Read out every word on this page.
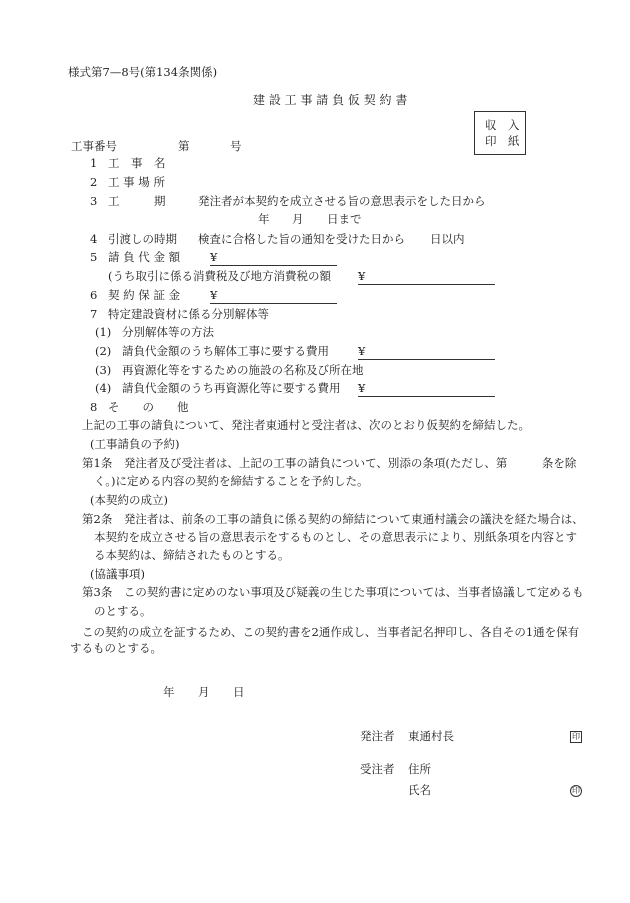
様式第7—8号(第134条関係)
建 設 工 事 請 負 仮 契 約 書
収　入
印　紙
工事番号	第	号
1 工　事　名
2 工 事 場 所
3 工　　　期	発注者が本契約を成立させる旨の意思表示をした日から
年 月 日まで
4 引渡しの時期 検査に合格した旨の通知を受けた日から 日以内
5 請 負 代 金 額	¥
(うち取引に係る消費税及び地方消費税の額 ¥
6 契 約 保 証 金	¥
7 特定建設資材に係る分別解体等
(1) 分別解体等の方法
(2) 請負代金額のうち解体工事に要する費用	¥
(3) 再資源化等をするための施設の名称及び所在地
(4) 請負代金額のうち再資源化等に要する費用 ¥
8 そ　　の　　他
上記の工事の請負について、発注者東通村と受注者は、次のとおり仮契約を締結した。
(工事請負の予約)
第1条　発注者及び受注者は、上記の工事の請負について、別添の条項(ただし、第　　　条を除
く。)に定める内容の契約を締結することを予約した。
(本契約の成立)
第2条　発注者は、前条の工事の請負に係る契約の締結について東通村議会の議決を経た場合は、
本契約を成立させる旨の意思表示をするものとし、その意思表示により、別紙条項を内容とす
る本契約は、締結されたものとする。
(協議事項)
第3条　この契約書に定めのない事項及び疑義の生じた事項については、当事者協議して定めるも
のとする。
この契約の成立を証するため、この契約書を2通作成し、当事者記名押印し、各自その1通を保有
するものとする。
年 月 日
発注者 東通村長	印
受注者 住所
氏名	印
